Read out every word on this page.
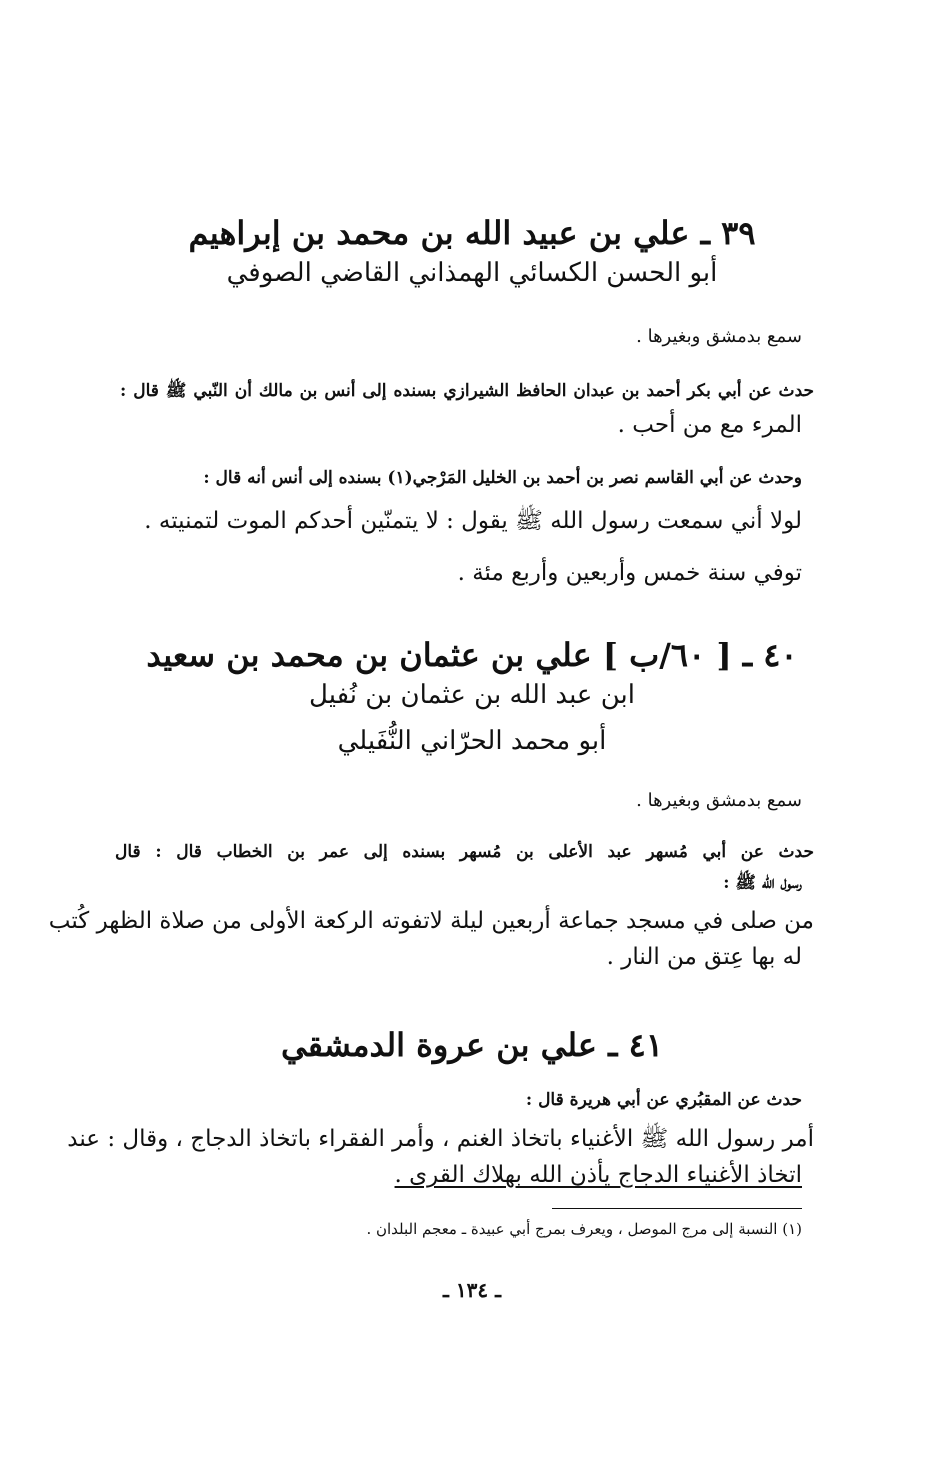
٣٩ ـ علي بن عبيد الله بن محمد بن إبراهيم
أبو الحسن الكسائي الهمذاني القاضي الصوفي
سمع بدمشق وبغيرها .
حدث عن أبي بكر أحمد بن عبدان الحافظ الشيرازي بسنده إلى أنس بن مالك أن النّبي ﷺ قال :
المرء مع من أحب .
وحدث عن أبي القاسم نصر بن أحمد بن الخليل المَرْجي(١) بسنده إلى أنس أنه قال :
لولا أني سمعت رسول الله ﷺ يقول : لا يتمنّين أحدكم الموت لتمنيته .
توفي سنة خمس وأربعين وأربع مئة .
٤٠ ـ [ ٦٠/ب ] علي بن عثمان بن محمد بن سعيد
ابن عبد الله بن عثمان بن نُفيل
أبو محمد الحرّاني النُّفَيلي
سمع بدمشق وبغيرها .
حدث عن أبي مُسهر عبد الأعلى بن مُسهر بسنده إلى عمر بن الخطاب قال : قال
رسول الله ﷺ :
من صلى في مسجد جماعة أربعين ليلة لاتفوته الركعة الأولى من صلاة الظهر كُتب
له بها عِتق من النار .
٤١ ـ علي بن عروة الدمشقي
حدث عن المقبُري عن أبي هريرة قال :
أمر رسول الله ﷺ الأغنياء باتخاذ الغنم ، وأمر الفقراء باتخاذ الدجاج ، وقال : عند
اتخاذ الأغنياء الدجاج يأذن الله بهلاك القرى .
(١) النسبة إلى مرج الموصل ، ويعرف بمرج أبي عبيدة ـ معجم البلدان .
ـ ١٣٤ ـ
